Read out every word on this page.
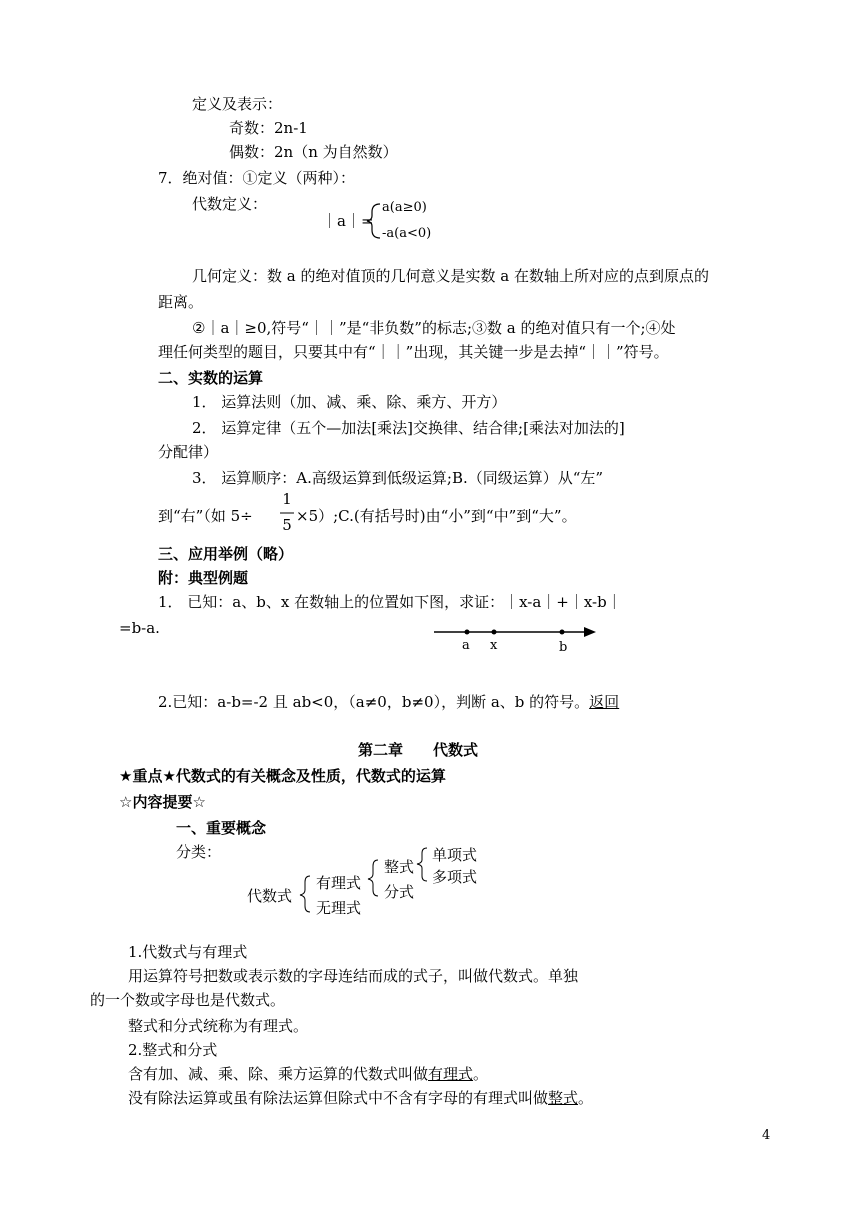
定义及表示：
奇数：2n-1
偶数：2n（n 为自然数）
7．绝对值：①定义（两种）：
代数定义：
｜a｜=
a(a≥0)
-a(a<0)
几何定义：数 a 的绝对值顶的几何意义是实数 a 在数轴上所对应的点到原点的
距离。
②｜a｜≥0,符号“｜｜”是“非负数”的标志;③数 a 的绝对值只有一个;④处
理任何类型的题目，只要其中有“｜｜”出现，其关键一步是去掉“｜｜”符号。
二、实数的运算
1． 运算法则（加、减、乘、除、乘方、开方）
2． 运算定律（五个—加法[乘法]交换律、结合律;[乘法对加法的]
分配律）
3． 运算顺序：A.高级运算到低级运算;B.（同级运算）从“左”
到“右”（如 5÷
1
5 ×5）;C.(有括号时)由“小”到“中”到“大”。
三、应用举例（略）
附：典型例题
1． 已知：a、b、x 在数轴上的位置如下图，求证：｜x-a｜+｜x-b｜
=b-a.
a x	b
2.已知：a-b=-2 且 ab<0，（a≠0，b≠0），判断 a、b 的符号。返回
第二章　　代数式
★重点★代数式的有关概念及性质，代数式的运算
☆内容提要☆
一、重要概念
分类：
代数式
有理式
无理式
整式
分式
单项式
多项式
1.代数式与有理式
用运算符号把数或表示数的字母连结而成的式子，叫做代数式。单独
的一个数或字母也是代数式。
整式和分式统称为有理式。
2.整式和分式
含有加、减、乘、除、乘方运算的代数式叫做有理式。
没有除法运算或虽有除法运算但除式中不含有字母的有理式叫做整式。
4
